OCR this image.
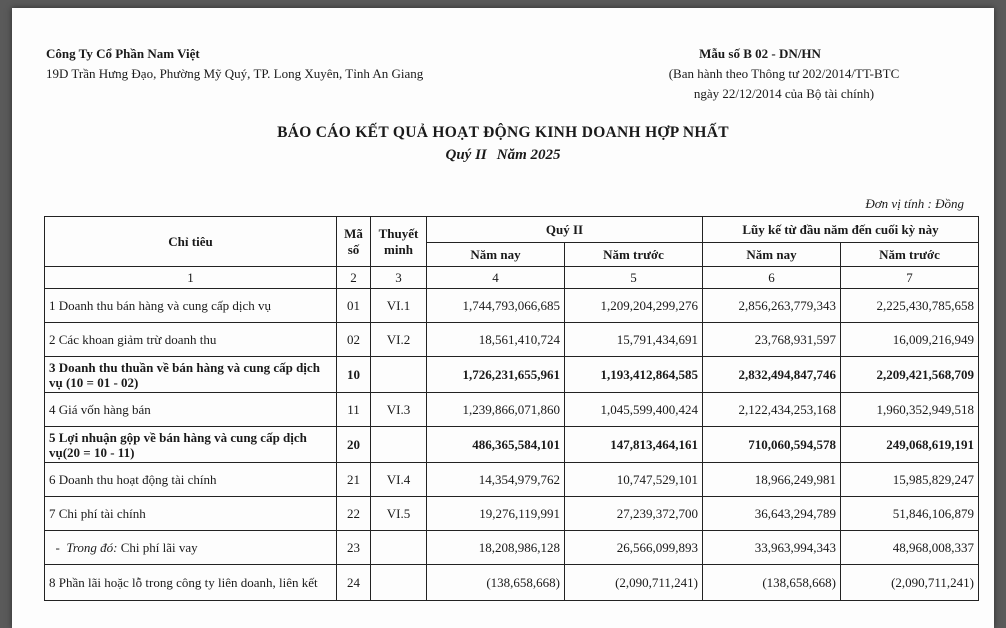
Công Ty Cổ Phần Nam Việt
19D Trần Hưng Đạo, Phường Mỹ Quý, TP. Long Xuyên, Tỉnh An Giang
Mẫu số B 02 - DN/HN
(Ban hành theo Thông tư 202/2014/TT-BTC
ngày 22/12/2014 của Bộ tài chính)
BÁO CÁO KẾT QUẢ HOẠT ĐỘNG KINH DOANH HỢP NHẤT
Quý II Năm 2025
Đơn vị tính : Đồng
Chỉ tiêu	Mã số	Thuyết minh	Quý II		Lũy kế từ đầu năm đến cuối kỳ này	
			Năm nay	Năm trước	Năm nay	Năm trước
1	2	3	4	5	6	7
1 Doanh thu bán hàng và cung cấp dịch vụ	01	VI.1	1,744,793,066,685	1,209,204,299,276	2,856,263,779,343	2,225,430,785,658
2 Các khoan giảm trừ doanh thu	02	VI.2	18,561,410,724	15,791,434,691	23,768,931,597	16,009,216,949
3 Doanh thu thuần về bán hàng và cung cấp dịch vụ (10 = 01 - 02)	10		1,726,231,655,961	1,193,412,864,585	2,832,494,847,746	2,209,421,568,709
4 Giá vốn hàng bán	11	VI.3	1,239,866,071,860	1,045,599,400,424	2,122,434,253,168	1,960,352,949,518
5 Lợi nhuận gộp về bán hàng và cung cấp dịch vụ(20 = 10 - 11)	20		486,365,584,101	147,813,464,161	710,060,594,578	249,068,619,191
6 Doanh thu hoạt động tài chính	21	VI.4	14,354,979,762	10,747,529,101	18,966,249,981	15,985,829,247
7 Chi phí tài chính	22	VI.5	19,276,119,991	27,239,372,700	36,643,294,789	51,846,106,879
-  Trong đó: Chi phí lãi vay	23		18,208,986,128	26,566,099,893	33,963,994,343	48,968,008,337
8 Phần lãi hoặc lỗ trong công ty liên doanh, liên kết	24		(138,658,668)	(2,090,711,241)	(138,658,668)	(2,090,711,241)
